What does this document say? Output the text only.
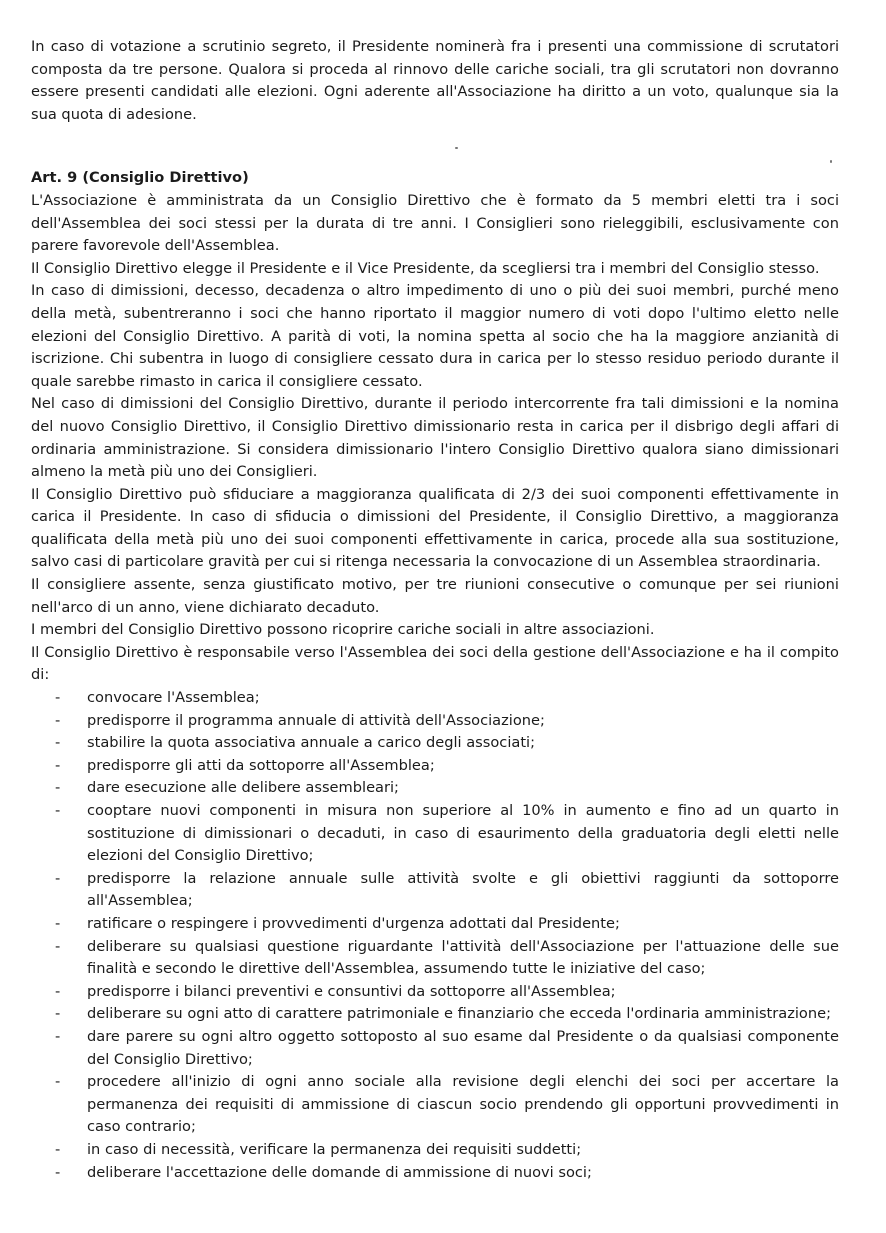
In caso di votazione a scrutinio segreto, il Presidente nominerà fra i presenti una commissione di scrutatori composta da tre persone. Qualora si proceda al rinnovo delle cariche sociali, tra gli scrutatori non dovranno essere presenti candidati alle elezioni. Ogni aderente all'Associazione ha diritto a un voto, qualunque sia la sua quota di adesione.

Art. 9 (Consiglio Direttivo)

L'Associazione è amministrata da un Consiglio Direttivo che è formato da 5 membri eletti tra i soci dell'Assemblea dei soci stessi per la durata di tre anni. I Consiglieri sono rieleggibili, esclusivamente con parere favorevole dell'Assemblea.

Il Consiglio Direttivo elegge il Presidente e il Vice Presidente, da scegliersi tra i membri del Consiglio stesso.

In caso di dimissioni, decesso, decadenza o altro impedimento di uno o più dei suoi membri, purché meno della metà, subentreranno i soci che hanno riportato il maggior numero di voti dopo l'ultimo eletto nelle elezioni del Consiglio Direttivo. A parità di voti, la nomina spetta al socio che ha la maggiore anzianità di iscrizione. Chi subentra in luogo di consigliere cessato dura in carica per lo stesso residuo periodo durante il quale sarebbe rimasto in carica il consigliere cessato.

Nel caso di dimissioni del Consiglio Direttivo, durante il periodo intercorrente fra tali dimissioni e la nomina del nuovo Consiglio Direttivo, il Consiglio Direttivo dimissionario resta in carica per il disbrigo degli affari di ordinaria amministrazione. Si considera dimissionario l'intero Consiglio Direttivo qualora siano dimissionari almeno la metà più uno dei Consiglieri.

Il Consiglio Direttivo può sfiduciare a maggioranza qualificata di 2/3 dei suoi componenti effettivamente in carica il Presidente. In caso di sfiducia o dimissioni del Presidente, il Consiglio Direttivo, a maggioranza qualificata della metà più uno dei suoi componenti effettivamente in carica, procede alla sua sostituzione, salvo casi di particolare gravità per cui si ritenga necessaria la convocazione di un Assemblea straordinaria.

Il consigliere assente, senza giustificato motivo, per tre riunioni consecutive o comunque per sei riunioni nell'arco di un anno, viene dichiarato decaduto.

I membri del Consiglio Direttivo possono ricoprire cariche sociali in altre associazioni.

Il Consiglio Direttivo è responsabile verso l'Assemblea dei soci della gestione dell'Associazione e ha il compito di:

- convocare l'Assemblea;
- predisporre il programma annuale di attività dell'Associazione;
- stabilire la quota associativa annuale a carico degli associati;
- predisporre gli atti da sottoporre all'Assemblea;
- dare esecuzione alle delibere assembleari;
- cooptare nuovi componenti in misura non superiore al 10% in aumento e fino ad un quarto in sostituzione di dimissionari o decaduti, in caso di esaurimento della graduatoria degli eletti nelle elezioni del Consiglio Direttivo;
- predisporre la relazione annuale sulle attività svolte e gli obiettivi raggiunti da sottoporre all'Assemblea;
- ratificare o respingere i provvedimenti d'urgenza adottati dal Presidente;
- deliberare su qualsiasi questione riguardante l'attività dell'Associazione per l'attuazione delle sue finalità e secondo le direttive dell'Assemblea, assumendo tutte le iniziative del caso;
- predisporre i bilanci preventivi e consuntivi da sottoporre all'Assemblea;
- deliberare su ogni atto di carattere patrimoniale e finanziario che ecceda l'ordinaria amministrazione;
- dare parere su ogni altro oggetto sottoposto al suo esame dal Presidente o da qualsiasi componente del Consiglio Direttivo;
- procedere all'inizio di ogni anno sociale alla revisione degli elenchi dei soci per accertare la permanenza dei requisiti di ammissione di ciascun socio prendendo gli opportuni provvedimenti in caso contrario;
- in caso di necessità, verificare la permanenza dei requisiti suddetti;
- deliberare l'accettazione delle domande di ammissione di nuovi soci;
